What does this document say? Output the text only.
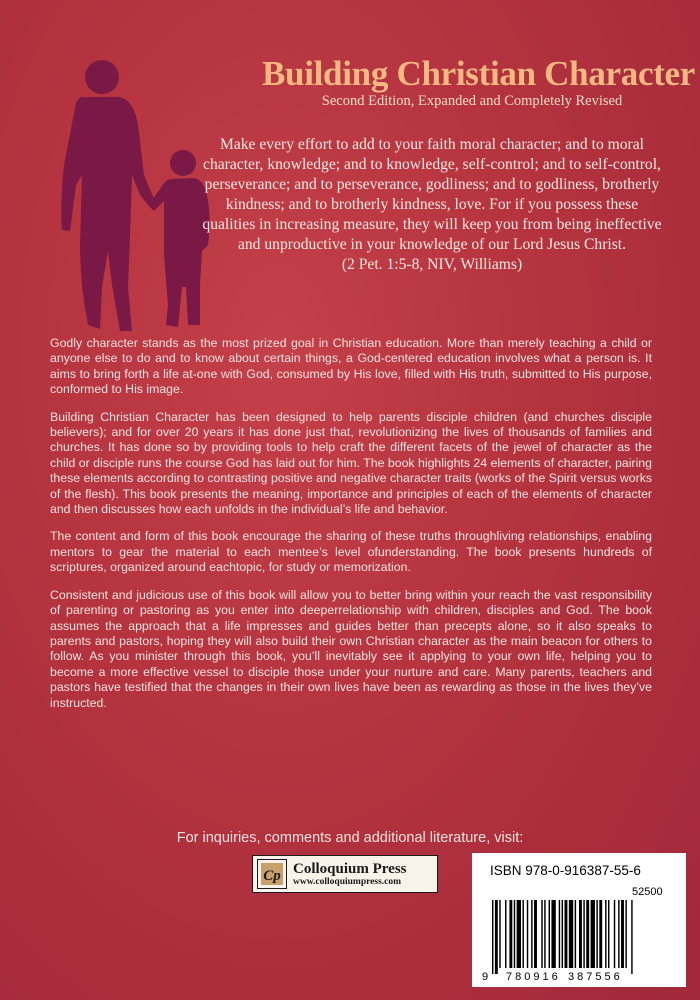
Building Christian Character
Second Edition, Expanded and Completely Revised
Make every effort to add to your faith moral character; and to moral character, knowledge; and to knowledge, self-control; and to self-control, perseverance; and to perseverance, godliness; and to godliness, brotherly kindness; and to brotherly kindness, love. For if you possess these qualities in increasing measure, they will keep you from being ineffective and unproductive in your knowledge of our Lord Jesus Christ.
(2 Pet. 1:5-8, NIV, Williams)

Godly character stands as the most prized goal in Christian education. More than merely teaching a child or anyone else to do and to know about certain things, a God-centered education involves what a person is. It aims to bring forth a life at-one with God, consumed by His love, filled with His truth, submitted to His purpose, conformed to His image.

Building Christian Character has been designed to help parents disciple children (and churches disciple believers); and for over 20 years it has done just that, revolutionizing the lives of thousands of families and churches. It has done so by providing tools to help craft the different facets of the jewel of character as the child or disciple runs the course God has laid out for him. The book highlights 24 elements of character, pairing these elements according to contrasting positive and negative character traits (works of the Spirit versus works of the flesh). This book presents the meaning, importance and principles of each of the elements of character and then discusses how each unfolds in the individual’s life and behavior.

The content and form of this book encourage the sharing of these truths throughliving relationships, enabling mentors to gear the material to each mentee’s level ofunderstanding. The book presents hundreds of scriptures, organized around eachtopic, for study or memorization.

Consistent and judicious use of this book will allow you to better bring within your reach the vast responsibility of parenting or pastoring as you enter into deeperrelationship with children, disciples and God. The book assumes the approach that a life impresses and guides better than precepts alone, so it also speaks to parents and pastors, hoping they will also build their own Christian character as the main beacon for others to follow. As you minister through this book, you’ll inevitably see it applying to your own life, helping you to become a more effective vessel to disciple those under your nurture and care. Many parents, teachers and pastors have testified that the changes in their own lives have been as rewarding as those in the lives they’ve instructed.

For inquiries, comments and additional literature, visit:
Cp Colloquium Press
www.colloquiumpress.com
ISBN 978-0-916387-55-6
52500
9 780916 387556
